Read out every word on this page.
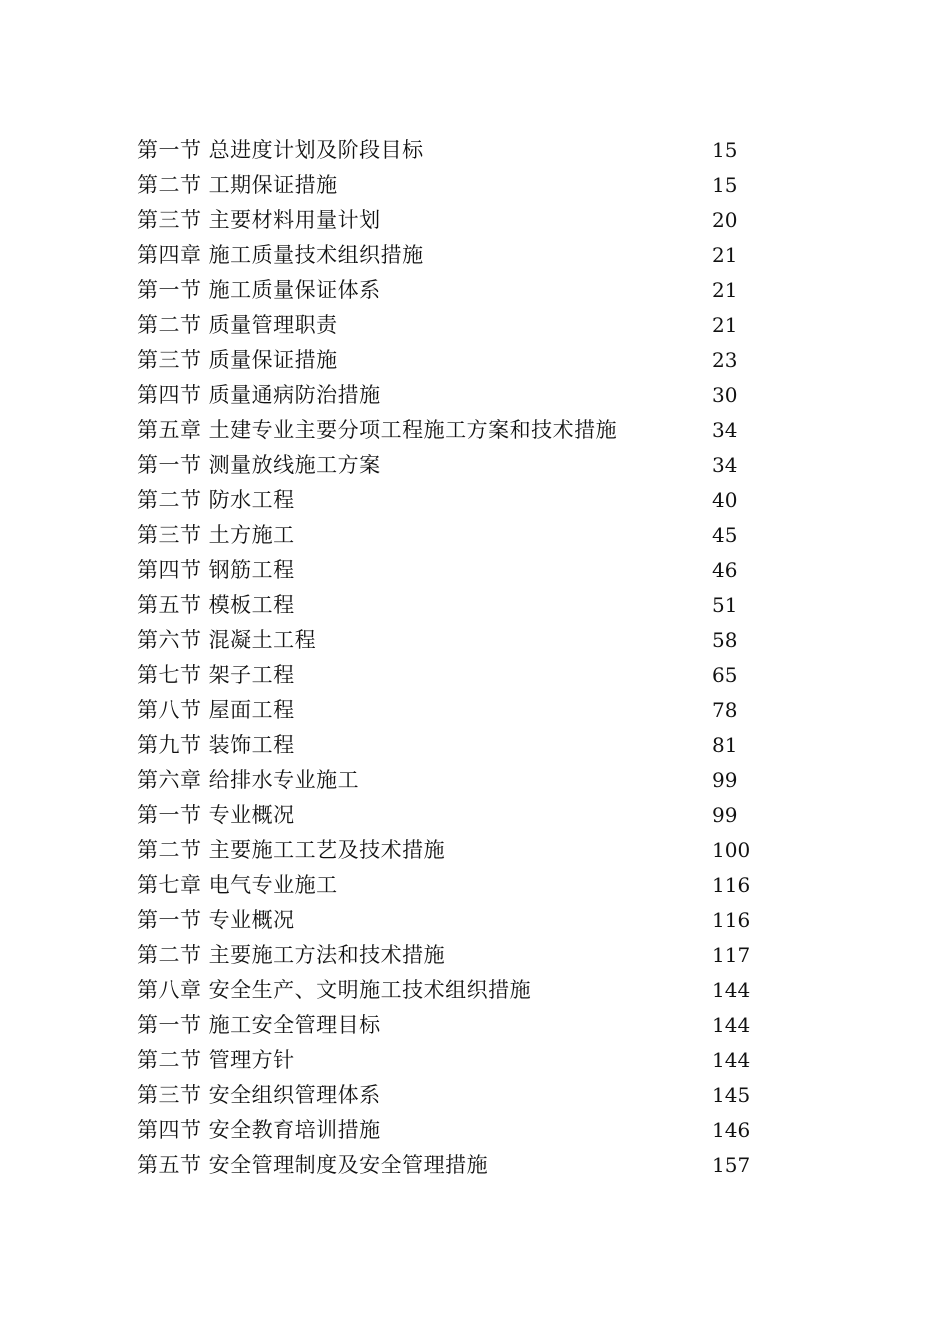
第一节 总进度计划及阶段目标	15
第二节 工期保证措施	15
第三节 主要材料用量计划	20
第四章 施工质量技术组织措施	21
第一节 施工质量保证体系	21
第二节 质量管理职责	21
第三节 质量保证措施	23
第四节 质量通病防治措施	30
第五章 土建专业主要分项工程施工方案和技术措施	34
第一节 测量放线施工方案	34
第二节 防水工程	40
第三节 土方施工	45
第四节 钢筋工程	46
第五节 模板工程	51
第六节 混凝土工程	58
第七节 架子工程	65
第八节 屋面工程	78
第九节 装饰工程	81
第六章 给排水专业施工	99
第一节 专业概况	99
第二节 主要施工工艺及技术措施	100
第七章 电气专业施工	116
第一节 专业概况	116
第二节 主要施工方法和技术措施	117
第八章 安全生产、文明施工技术组织措施	144
第一节 施工安全管理目标	144
第二节 管理方针	144
第三节 安全组织管理体系	145
第四节 安全教育培训措施	146
第五节 安全管理制度及安全管理措施	157
